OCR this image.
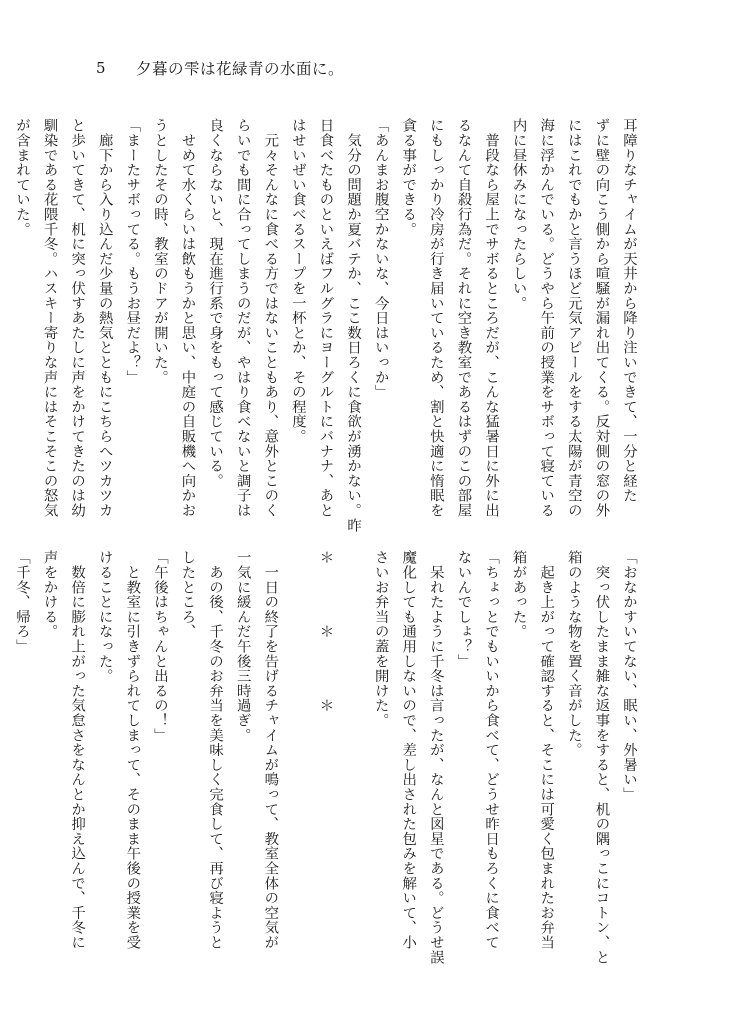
5	夕暮の雫は花緑青の水面に。
耳障りなチャイムが天井から降り注いできて、一分と経た
ずに壁の向こう側から喧騒が漏れ出てくる。反対側の窓の外
にはこれでもかと言うほど元気アピールをする太陽が青空の
海に浮かんでいる。どうやら午前の授業をサボって寝ている
内に昼休みになったらしい。
　普段なら屋上でサボるところだが、こんな猛暑日に外に出
るなんて自殺行為だ。それに空き教室であるはずのこの部屋
にもしっかり冷房が行き届いているため、割と快適に惰眠を
貪る事ができる。
「あんまお腹空かないな、今日はいっか」
　気分の問題か夏バテか、ここ数日ろくに食欲が湧かない。昨
日食べたものといえばフルグラにヨーグルトにバナナ、あと
はせいぜい食べるスープを一杯とか、その程度。
　元々そんなに食べる方ではないこともあり、意外とこのく
らいでも間に合ってしまうのだが、やはり食べないと調子は
良くならないと、現在進行系で身をもって感じている。
　せめて水くらいは飲もうかと思い、中庭の自販機へ向かお
うとしたその時、教室のドアが開いた。
「まーたサボってる。もうお昼だよ？」
　廊下から入り込んだ少量の熱気とともにこちらへツカツカ
と歩いてきて、机に突っ伏すあたしに声をかけてきたのは幼
馴染である花隈千冬。ハスキー寄りな声にはそこそこの怒気
が含まれていた。
「おなかすいてない、眠い、外暑い」
　突っ伏したまま雑な返事をすると、机の隅っこにコトン、と
箱のような物を置く音がした。
　起き上がって確認すると、そこには可愛く包まれたお弁当
箱があった。
「ちょっとでもいいから食べて、どうせ昨日もろくに食べて
ないんでしょ？」
　呆れたように千冬は言ったが、なんと図星である。どうせ誤
魔化しても通用しないので、差し出された包みを解いて、小
さいお弁当の蓋を開けた。

＊　　　　＊　　　　＊

　一日の終了を告げるチャイムが鳴って、教室全体の空気が
一気に緩んだ午後三時過ぎ。
　あの後、千冬のお弁当を美味しく完食して、再び寝ようと
したところ、
「午後はちゃんと出るの！」
　と教室に引きずられてしまって、そのまま午後の授業を受
けることになった。
　数倍に膨れ上がった気怠さをなんとか抑え込んで、千冬に
声をかける。
「千冬、帰ろ」
